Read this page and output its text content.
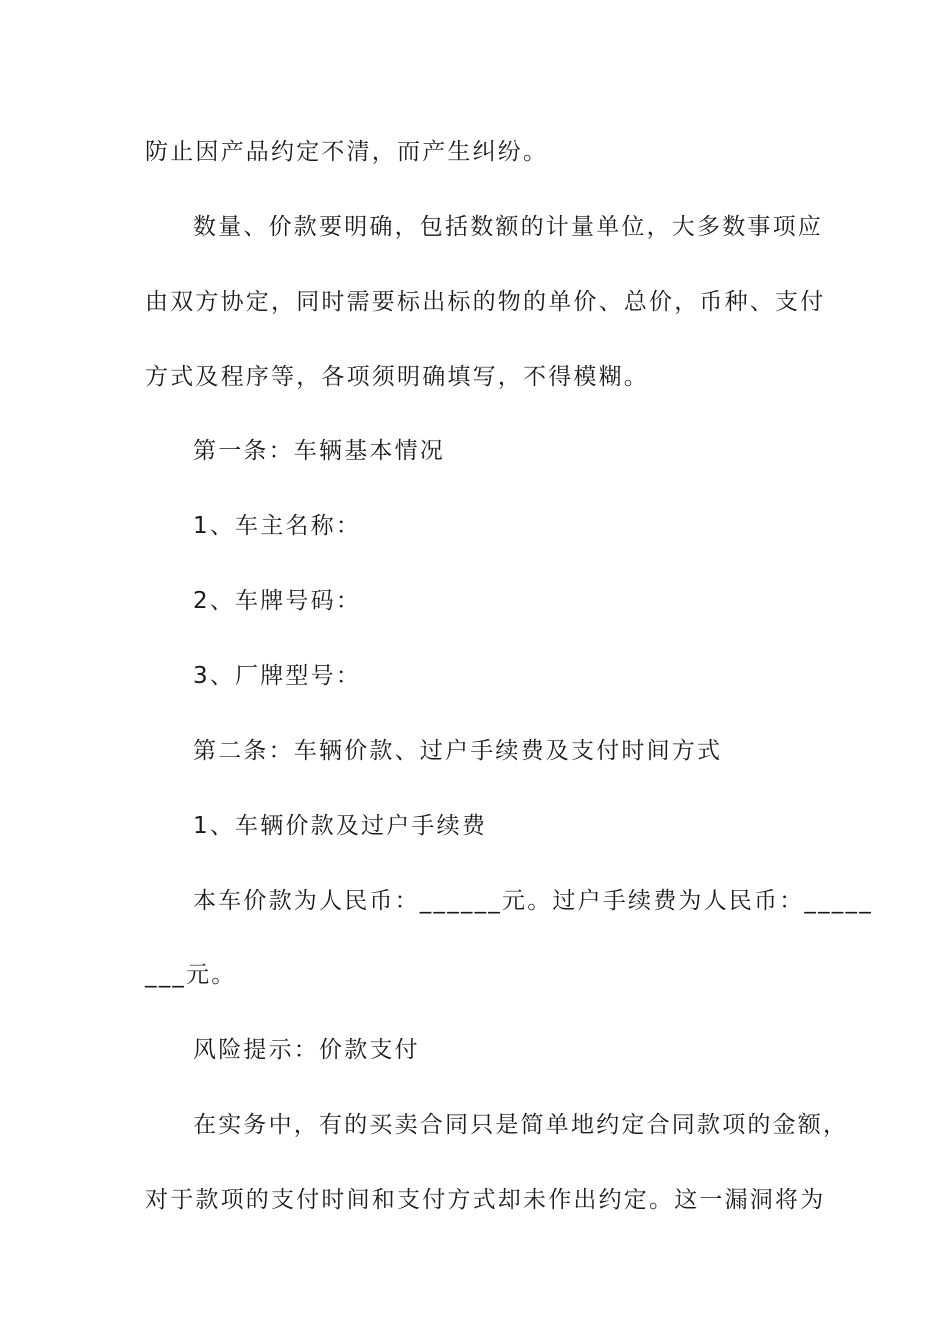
防止因产品约定不清，而产生纠纷。
数量、价款要明确，包括数额的计量单位，大多数事项应
由双方协定，同时需要标出标的物的单价、总价，币种、支付
方式及程序等，各项须明确填写，不得模糊。
第一条：车辆基本情况
1、车主名称：
2、车牌号码：
3、厂牌型号：
第二条：车辆价款、过户手续费及支付时间方式
1、车辆价款及过户手续费
本车价款为人民币：______元。过户手续费为人民币：_____
___元。
风险提示：价款支付
在实务中，有的买卖合同只是简单地约定合同款项的金额，
对于款项的支付时间和支付方式却未作出约定。这一漏洞将为
